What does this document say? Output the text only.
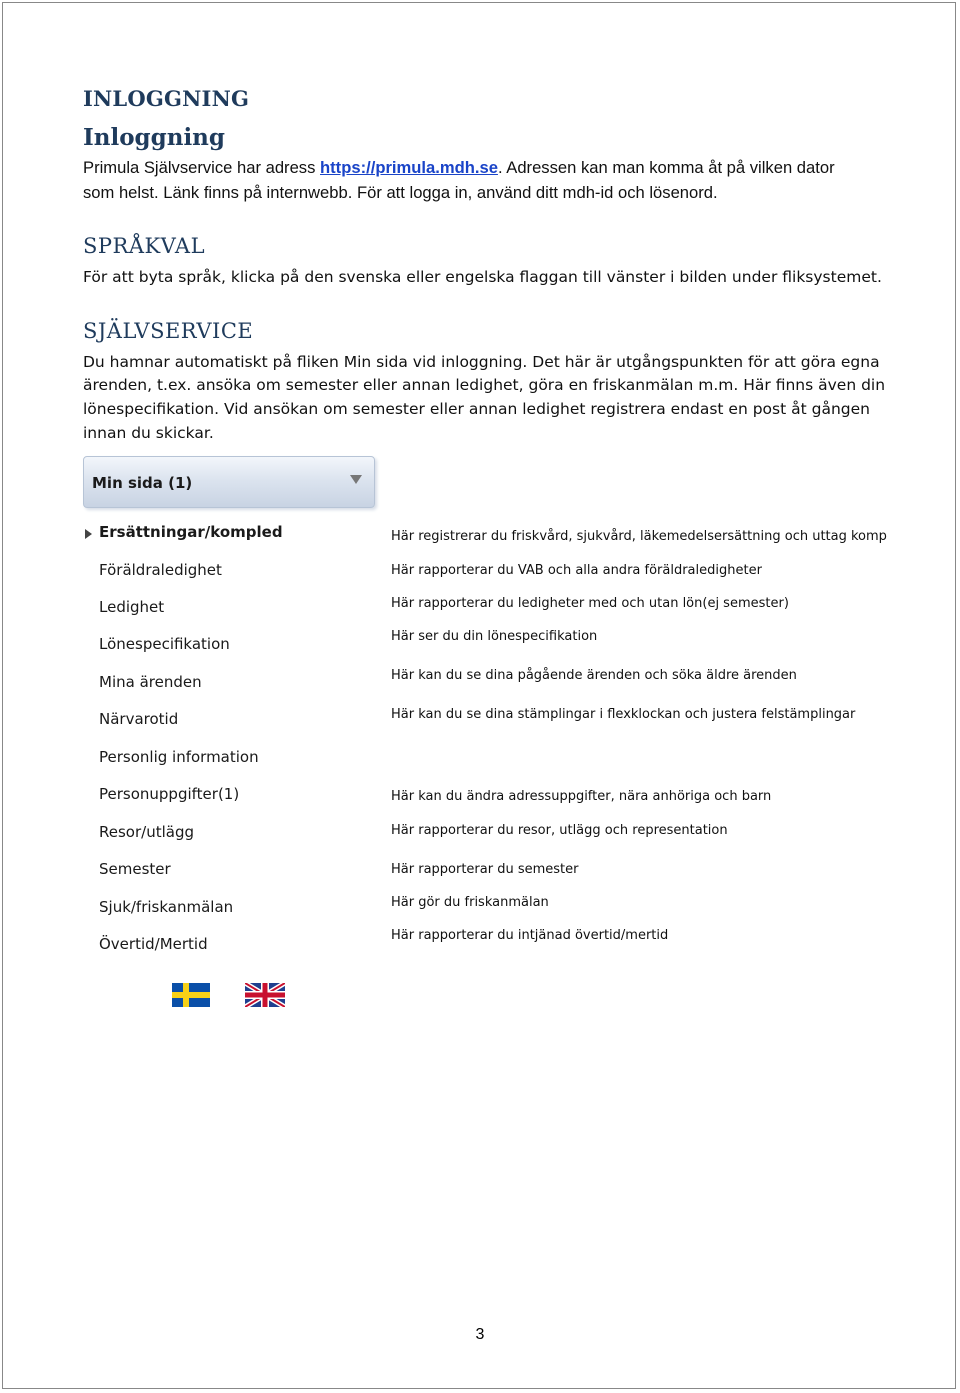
INLOGGNING
Inloggning
Primula Självservice har adress https://primula.mdh.se. Adressen kan man komma åt på vilken dator
som helst. Länk finns på internwebb. För att logga in, använd ditt mdh-id och lösenord.
SPRÅKVAL
För att byta språk, klicka på den svenska eller engelska flaggan till vänster i bilden under fliksystemet.
SJÄLVSERVICE
Du hamnar automatiskt på fliken Min sida vid inloggning. Det här är utgångspunkten för att göra egna
ärenden, t.ex. ansöka om semester eller annan ledighet, göra en friskanmälan m.m. Här finns även din
lönespecifikation. Vid ansökan om semester eller annan ledighet registrera endast en post åt gången
innan du skickar.
Min sida (1)
Ersättningar/kompled
Föräldraledighet
Ledighet
Lönespecifikation
Mina ärenden
Närvarotid
Personlig information
Personuppgifter(1)
Resor/utlägg
Semester
Sjuk/friskanmälan
Övertid/Mertid
Här registrerar du friskvård, sjukvård, läkemedelsersättning och uttag komp
Här rapporterar du VAB och alla andra föräldraledigheter
Här rapporterar du ledigheter med och utan lön(ej semester)
Här ser du din lönespecifikation
Här kan du se dina pågående ärenden och söka äldre ärenden
Här kan du se dina stämplingar i flexklockan och justera felstämplingar
Här kan du ändra adressuppgifter, nära anhöriga och barn
Här rapporterar du resor, utlägg och representation
Här rapporterar du semester
Här gör du friskanmälan
Här rapporterar du intjänad övertid/mertid
3
